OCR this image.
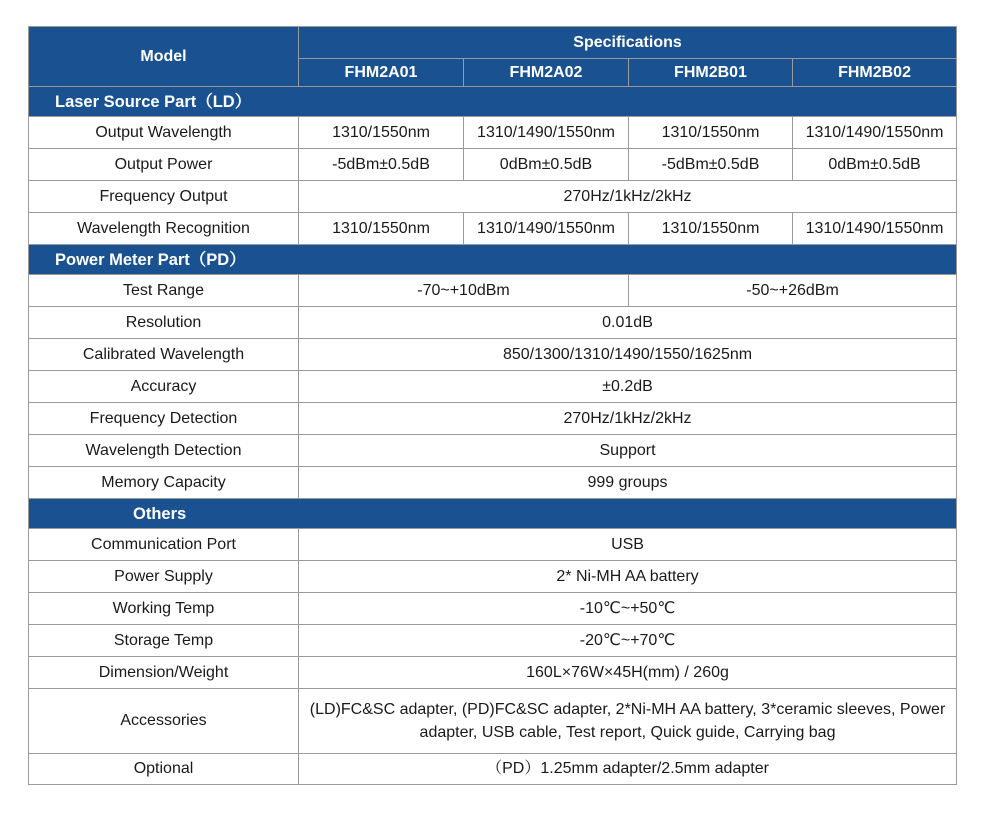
Model	Specifications			
	FHM2A01	FHM2A02	FHM2B01	FHM2B02
Laser Source Part（LD）				
Output Wavelength	1310/1550nm	1310/1490/1550nm	1310/1550nm	1310/1490/1550nm
Output Power	-5dBm±0.5dB	0dBm±0.5dB	-5dBm±0.5dB	0dBm±0.5dB
Frequency Output	270Hz/1kHz/2kHz			
Wavelength Recognition	1310/1550nm	1310/1490/1550nm	1310/1550nm	1310/1490/1550nm
Power Meter Part（PD）				
Test Range	-70~+10dBm		-50~+26dBm	
Resolution	0.01dB			
Calibrated Wavelength	850/1300/1310/1490/1550/1625nm			
Accuracy	±0.2dB			
Frequency Detection	270Hz/1kHz/2kHz			
Wavelength Detection	Support			
Memory Capacity	999 groups			
Others				
Communication Port	USB			
Power Supply	2* Ni-MH AA battery			
Working Temp	-10℃~+50℃			
Storage Temp	-20℃~+70℃			
Dimension/Weight	160L×76W×45H(mm) / 260g			
Accessories	(LD)FC&SC adapter, (PD)FC&SC adapter, 2*Ni-MH AA battery, 3*ceramic sleeves, Power adapter, USB cable, Test report, Quick guide, Carrying bag			
Optional	（PD）1.25mm adapter/2.5mm adapter			
